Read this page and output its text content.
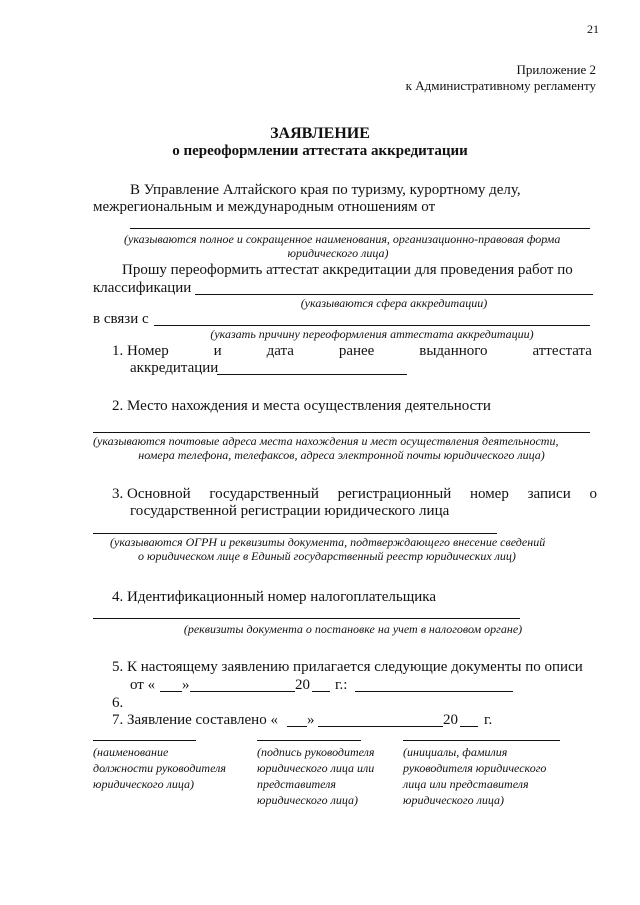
21
Приложение 2
к Административному регламенту
ЗАЯВЛЕНИЕ
о переоформлении аттестата аккредитации
В Управление Алтайского края по туризму, курортному делу,
межрегиональным и международным отношениям от
(указываются полное и сокращенное наименования, организационно-правовая форма
юридического лица)
Прошу переоформить аттестат аккредитации для проведения работ по
классификации
(указываются сфера аккредитации)
в связи с
(указать причину переоформления аттестата аккредитации)
1. Номер	и	дата	ранее	выданного	аттестата
аккредитации
2. Место нахождения и места осуществления деятельности
(указываются почтовые адреса места нахождения и мест осуществления деятельности,
номера телефона, телефаксов, адреса электронной почты юридического лица)
3. Основной государственный регистрационный номер записи о
государственной регистрации юридического лица
(указываются ОГРН и реквизиты документа, подтверждающего внесение сведений
о юридическом лице в Единый государственный реестр юридических лиц)
4. Идентификационный номер налогоплательщика
(реквизиты документа о постановке на учет в налоговом органе)
5. К настоящему заявлению прилагается следующие документы по описи
от « »	20 г.:
6.
7. Заявление составлено « »	20 г.
(наименование
должности руководителя
юридического лица)
(подпись руководителя
юридического лица или
представителя
юридического лица)
(инициалы, фамилия
руководителя юридического
лица или представителя
юридического лица)
